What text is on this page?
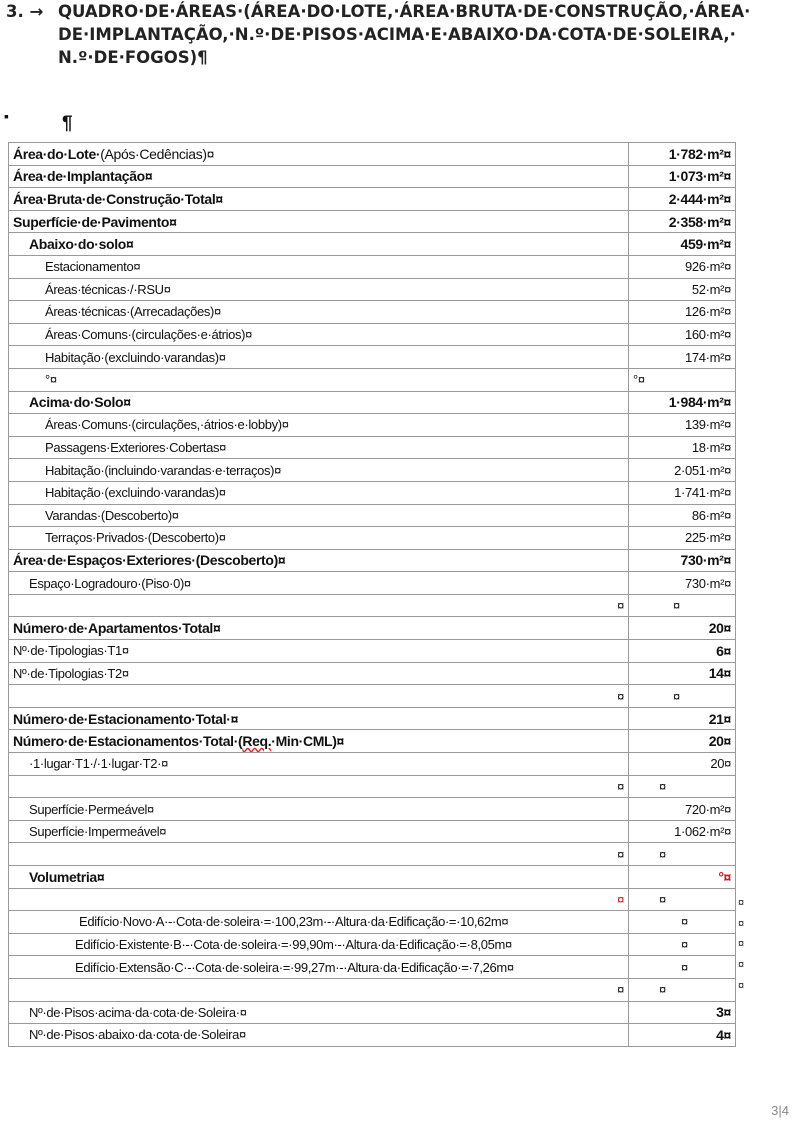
3. → QUADRO·DE·ÁREAS·(ÁREA·DO·LOTE,·ÁREA·BRUTA·DE·CONSTRUÇÃO,·ÁREA·
DE·IMPLANTAÇÃO,·N.º·DE·PISOS·ACIMA·E·ABAIXO·DA·COTA·DE·SOLEIRA,·
N.º·DE·FOGOS)¶
▪	¶
Área·do·Lote·(Após·Cedências)¤	1·782·m²¤
Área·de·Implantação¤	1·073·m²¤
Área·Bruta·de·Construção·Total¤	2·444·m²¤
Superfície·de·Pavimento¤	2·358·m²¤
Abaixo·do·solo¤	459·m²¤
Estacionamento¤	926·m²¤
Áreas·técnicas·/·RSU¤	52·m²¤
Áreas·técnicas·(Arrecadações)¤	126·m²¤
Áreas·Comuns·(circulações·e·átrios)¤	160·m²¤
Habitação·(excluindo·varandas)¤	174·m²¤
°¤	°¤
Acima·do·Solo¤	1·984·m²¤
Áreas·Comuns·(circulações,·átrios·e·lobby)¤	139·m²¤
Passagens·Exteriores·Cobertas¤	18·m²¤
Habitação·(incluindo·varandas·e·terraços)¤	2·051·m²¤
Habitação·(excluindo·varandas)¤	1·741·m²¤
Varandas·(Descoberto)¤	86·m²¤
Terraços·Privados·(Descoberto)¤	225·m²¤
Área·de·Espaços·Exteriores·(Descoberto)¤	730·m²¤
Espaço·Logradouro·(Piso·0)¤	730·m²¤
¤	¤
Número·de·Apartamentos·Total¤	20¤
Nº·de·Tipologias·T1¤	6¤
Nº·de·Tipologias·T2¤	14¤
¤	¤
Número·de·Estacionamento·Total·¤	21¤
Número·de·Estacionamentos·Total·(Req.·Min·CML)¤	20¤
·1·lugar·T1·/·1·lugar·T2·¤	20¤
¤	¤
Superfície·Permeável¤	720·m²¤
Superfície·Impermeável¤	1·062·m²¤
¤	¤
Volumetria¤	°¤
¤	¤
Edifício·Novo·A·-·Cota·de·soleira·=·100,23m·-·Altura·da·Edificação·=·10,62m¤	¤
Edifício·Existente·B·-·Cota·de·soleira·=·99,90m·-·Altura·da·Edificação·=·8,05m¤	¤
Edifício·Extensão·C·-·Cota·de·soleira·=·99,27m·-·Altura·da·Edificação·=·7,26m¤	¤
¤	¤
Nº·de·Pisos·acima·da·cota·de·Soleira·¤	3¤
Nº·de·Pisos·abaixo·da·cota·de·Soleira¤	4¤
¤
¤
¤
¤
¤
3|4
